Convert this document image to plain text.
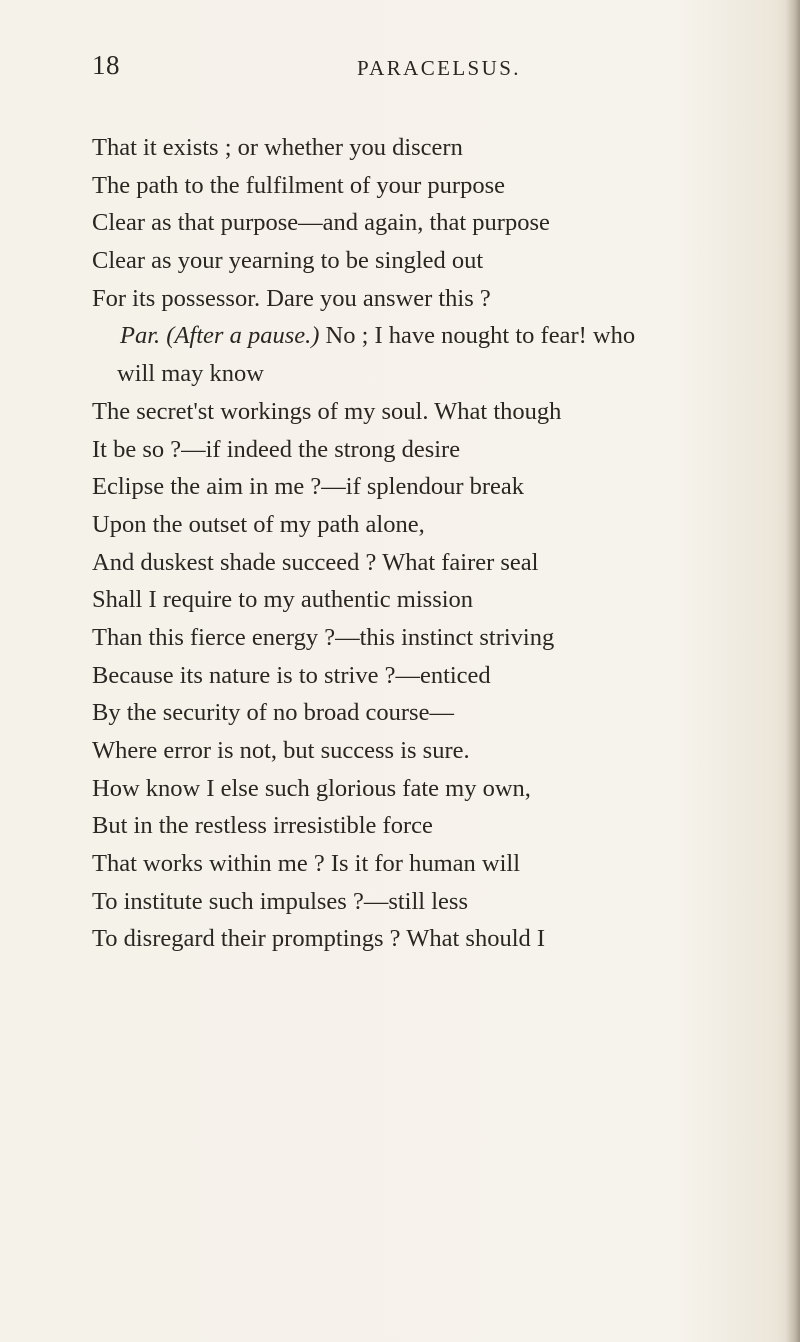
18	PARACELSUS.
That it exists ; or whether you discern
The path to the fulfilment of your purpose
Clear as that purpose—and again, that purpose
Clear as your yearning to be singled out
For its possessor. Dare you answer this ?
Par. (After a pause.) No ; I have nought to fear! who
will may know
The secret'st workings of my soul. What though
It be so ?—if indeed the strong desire
Eclipse the aim in me ?—if splendour break
Upon the outset of my path alone,
And duskest shade succeed ? What fairer seal
Shall I require to my authentic mission
Than this fierce energy ?—this instinct striving
Because its nature is to strive ?—enticed
By the security of no broad course—
Where error is not, but success is sure.
How know I else such glorious fate my own,
But in the restless irresistible force
That works within me ? Is it for human will
To institute such impulses ?—still less
To disregard their promptings ? What should I
